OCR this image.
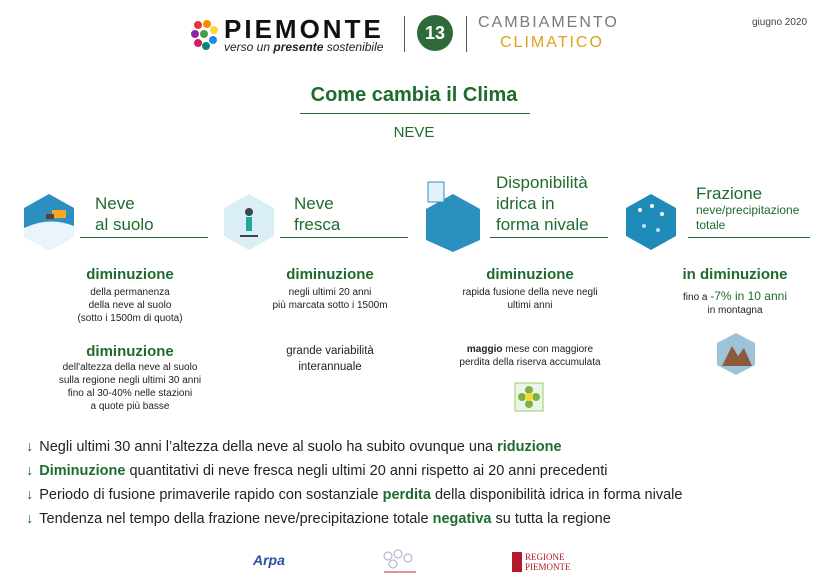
PIEMONTE
verso un presente sostenibile
13	CAMBIAMENTO
CLIMATICO
giugno 2020
Come cambia il Clima
NEVE
Neve
al suolo
diminuzione
della permanenza
della neve al suolo
(sotto i 1500m di quota)
diminuzione
dell'altezza della neve al suolo
sulla regione negli ultimi 30 anni
fino al 30-40% nelle stazioni
a quote più basse
Neve
fresca
diminuzione
negli ultimi 20 anni
più marcata sotto i 1500m
grande variabilità
interannuale
Disponibilità
idrica in
forma nivale
diminuzione
rapida fusione della neve negli
ultimi anni
maggio mese con maggiore
perdita della riserva accumulata
Frazione
neve/precipitazione
totale
in diminuzione
fino a -7% in 10 anni
in montagna
↓ Negli ultimi 30 anni l’altezza della neve al suolo ha subito ovunque una riduzione
↓ Diminuzione quantitativi di neve fresca negli ultimi 20 anni rispetto ai 20 anni precedenti
↓ Periodo di fusione primaverile rapido con sostanziale perdita della disponibilità idrica in forma nivale
↓ Tendenza nel tempo della frazione neve/precipitazione totale negativa su tutta la regione
Arpa	REGIONE
PIEMONTE
